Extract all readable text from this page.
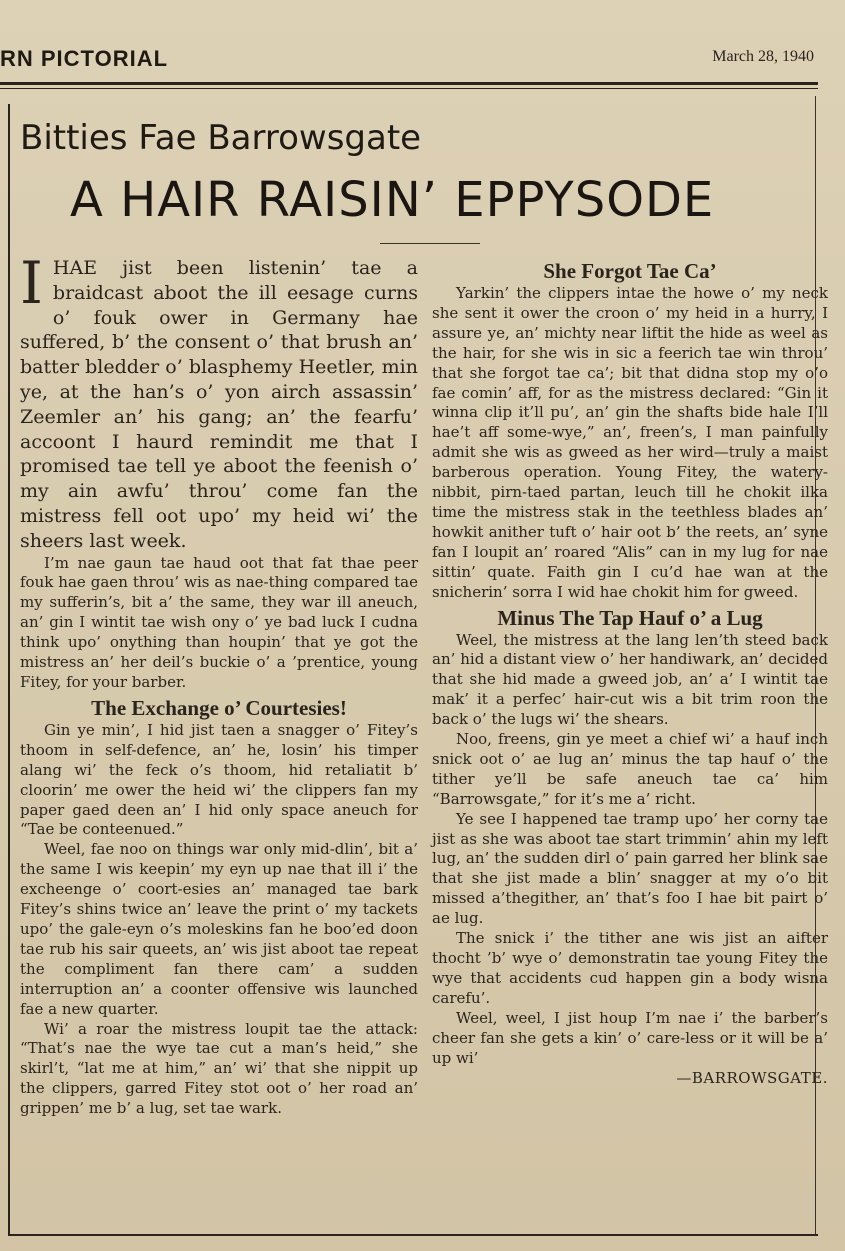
RN PICTORIAL	March 28, 1940
Bitties Fae Barrowsgate
A HAIR RAISIN’ EPPYSODE

IHAE jist been listenin’ tae a braidcast aboot the ill eesage curns o’ fouk ower in Germany hae suffered, b’ the consent o’ that brush an’ batter bledder o’ blasphemy Heetler, min ye, at the han’s o’ yon airch assassin’ Zeemler an’ his gang; an’ the fearfu’ accoont I haurd remindit me that I promised tae tell ye aboot the feenish o’ my ain awfu’ throu’ come fan the mistress fell oot upo’ my heid wi’ the sheers last week.

I’m nae gaun tae haud oot that fat thae peer fouk hae gaen throu’ wis as nae-thing compared tae my sufferin’s, bit a’ the same, they war ill aneuch, an’ gin I wintit tae wish ony o’ ye bad luck I cudna think upo’ onything than houpin’ that ye got the mistress an’ her deil’s buckie o’ a ’prentice, young Fitey, for your barber.

The Exchange o’ Courtesies!

Gin ye min’, I hid jist taen a snagger o’ Fitey’s thoom in self-defence, an’ he, losin’ his timper alang wi’ the feck o’s thoom, hid retaliatit b’ cloorin’ me ower the heid wi’ the clippers fan my paper gaed deen an’ I hid only space aneuch for “Tae be conteenued.”

Weel, fae noo on things war only mid-dlin’, bit a’ the same I wis keepin’ my eyn up nae that ill i’ the excheenge o’ coort-esies an’ managed tae bark Fitey’s shins twice an’ leave the print o’ my tackets upo’ the gale-eyn o’s moleskins fan he boo’ed doon tae rub his sair queets, an’ wis jist aboot tae repeat the compliment fan there cam’ a sudden interruption an’ a coonter offensive wis launched fae a new quarter.

Wi’ a roar the mistress loupit tae the attack: “That’s nae the wye tae cut a man’s heid,” she skirl’t, “lat me at him,” an’ wi’ that she nippit up the clippers, garred Fitey stot oot o’ her road an’ grippen’ me b’ a lug, set tae wark.

She Forgot Tae Ca’

Yarkin’ the clippers intae the howe o’ my neck she sent it ower the croon o’ my heid in a hurry, I assure ye, an’ michty near liftit the hide as weel as the hair, for she wis in sic a feerich tae win throu’ that she forgot tae ca’; bit that didna stop my o’o fae comin’ aff, for as the mistress declared: “Gin it winna clip it’ll pu’, an’ gin the shafts bide hale I’ll hae’t aff some-wye,” an’, freen’s, I man painfully admit she wis as gweed as her wird—truly a maist barberous operation. Young Fitey, the watery-nibbit, pirn-taed partan, leuch till he chokit ilka time the mistress stak in the teethless blades an’ howkit anither tuft o’ hair oot b’ the reets, an’ syne fan I loupit an’ roared “Alis” can in my lug for nae sittin’ quate. Faith gin I cu’d hae wan at the snicherin’ sorra I wid hae chokit him for gweed.

Minus The Tap Hauf o’ a Lug

Weel, the mistress at the lang len’th steed back an’ hid a distant view o’ her handiwark, an’ decided that she hid made a gweed job, an’ a’ I wintit tae mak’ it a perfec’ hair-cut wis a bit trim roon the back o’ the lugs wi’ the shears.

Noo, freens, gin ye meet a chief wi’ a hauf inch snick oot o’ ae lug an’ minus the tap hauf o’ the tither ye’ll be safe aneuch tae ca’ him “Barrowsgate,” for it’s me a’ richt.

Ye see I happened tae tramp upo’ her corny tae jist as she was aboot tae start trimmin’ ahin my left lug, an’ the sudden dirl o’ pain garred her blink sae that she jist made a blin’ snagger at my o’o bit missed a’thegither, an’ that’s foo I hae bit pairt o’ ae lug.

The snick i’ the tither ane wis jist an aifter thocht ’b’ wye o’ demonstratin tae young Fitey the wye that accidents cud happen gin a body wisna carefu’.

Weel, weel, I jist houp I’m nae i’ the barber’s cheer fan she gets a kin’ o’ care-less or it will be a’ up wi’

—BARROWSGATE.
